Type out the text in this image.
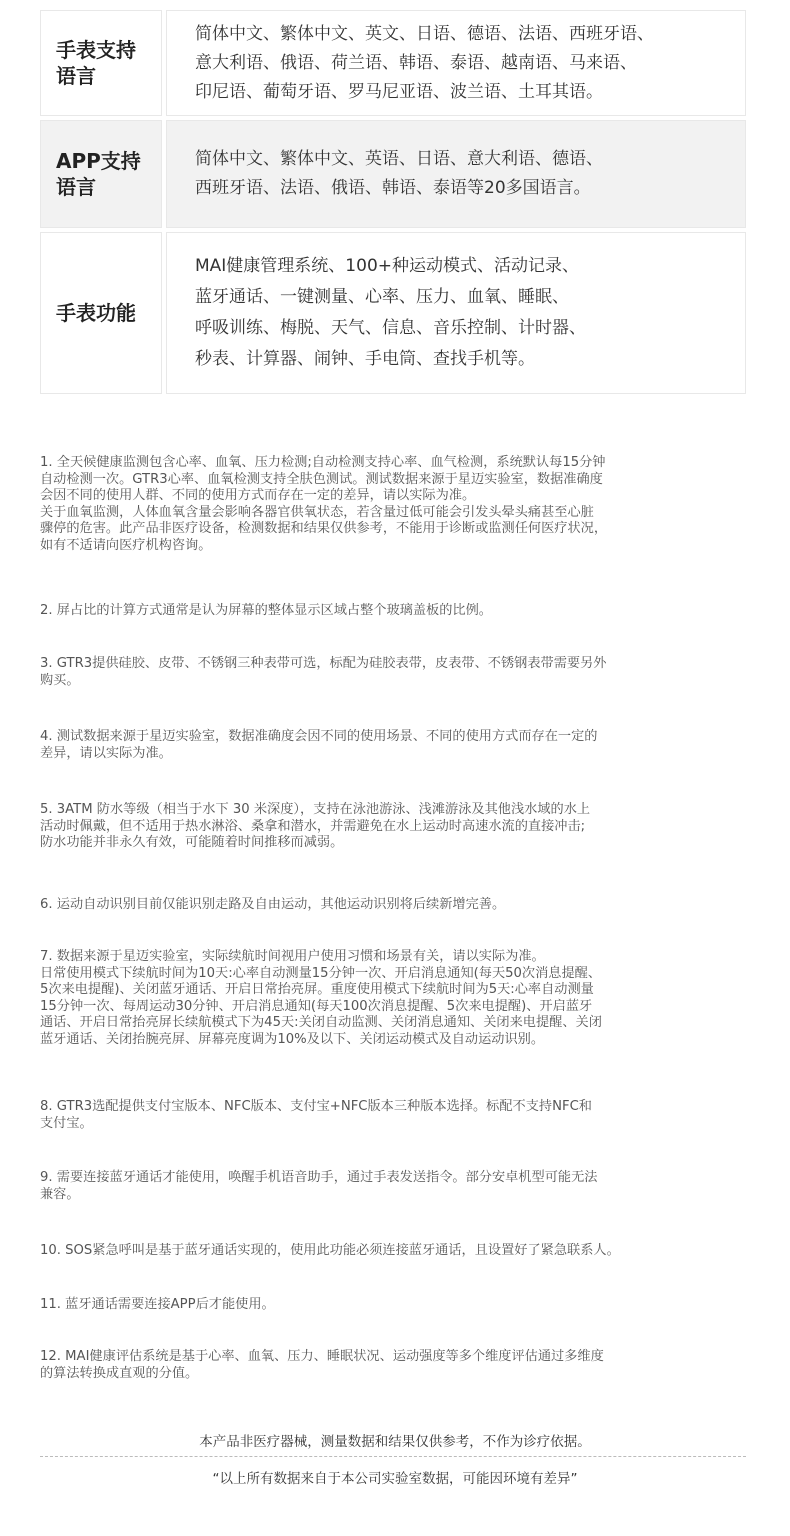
手表支持
语言
简体中文、繁体中文、英文、日语、德语、法语、西班牙语、
意大利语、俄语、荷兰语、韩语、泰语、越南语、马来语、
印尼语、葡萄牙语、罗马尼亚语、波兰语、土耳其语。
APP支持
语言
简体中文、繁体中文、英语、日语、意大利语、德语、
西班牙语、法语、俄语、韩语、泰语等20多国语言。
手表功能
MAI健康管理系统、100+种运动模式、活动记录、
蓝牙通话、一键测量、心率、压力、血氧、睡眠、
呼吸训练、梅脱、天气、信息、音乐控制、计时器、
秒表、计算器、闹钟、手电筒、查找手机等。

1. 全天候健康监测包含心率、血氧、压力检测;自动检测支持心率、血气检测，系统默认每15分钟
自动检测一次。GTR3心率、血氧检测支持全肤色测试。测试数据来源于星迈实验室，数据准确度
会因不同的使用人群、不同的使用方式而存在一定的差异，请以实际为准。
关于血氧监测，人体血氧含量会影响各器官供氧状态，若含量过低可能会引发头晕头痛甚至心脏
骤停的危害。此产品非医疗设备，检测数据和结果仅供参考，不能用于诊断或监测任何医疗状况，
如有不适请向医疗机构咨询。

2. 屏占比的计算方式通常是认为屏幕的整体显示区域占整个玻璃盖板的比例。

3. GTR3提供硅胶、皮带、不锈钢三种表带可选，标配为硅胶表带，皮表带、不锈钢表带需要另外
购买。

4. 测试数据来源于星迈实验室，数据准确度会因不同的使用场景、不同的使用方式而存在一定的
差异，请以实际为准。

5. 3ATM 防水等级（相当于水下 30 米深度），支持在泳池游泳、浅滩游泳及其他浅水域的水上
活动时佩戴，但不适用于热水淋浴、桑拿和潜水，并需避免在水上运动时高速水流的直接冲击;
防水功能并非永久有效，可能随着时间推移而减弱。

6. 运动自动识别目前仅能识别走路及自由运动，其他运动识别将后续新增完善。

7. 数据来源于星迈实验室，实际续航时间视用户使用习惯和场景有关，请以实际为准。
日常使用模式下续航时间为10天:心率自动测量15分钟一次、开启消息通知(每天50次消息提醒、
5次来电提醒)、关闭蓝牙通话、开启日常抬亮屏。重度使用模式下续航时间为5天:心率自动测量
15分钟一次、每周运动30分钟、开启消息通知(每天100次消息提醒、5次来电提醒)、开启蓝牙
通话、开启日常抬亮屏长续航模式下为45天:关闭自动监测、关闭消息通知、关闭来电提醒、关闭
蓝牙通话、关闭抬腕亮屏、屏幕亮度调为10%及以下、关闭运动模式及自动运动识别。

8. GTR3选配提供支付宝版本、NFC版本、支付宝+NFC版本三种版本选择。标配不支持NFC和
支付宝。

9. 需要连接蓝牙通话才能使用，唤醒手机语音助手，通过手表发送指令。部分安卓机型可能无法
兼容。

10. SOS紧急呼叫是基于蓝牙通话实现的，使用此功能必须连接蓝牙通话，且设置好了紧急联系人。

11. 蓝牙通话需要连接APP后才能使用。

12. MAI健康评估系统是基于心率、血氧、压力、睡眠状况、运动强度等多个维度评估通过多维度
的算法转换成直观的分值。

本产品非医疗器械，测量数据和结果仅供参考，不作为诊疗依据。
“以上所有数据来自于本公司实验室数据，可能因环境有差异”
